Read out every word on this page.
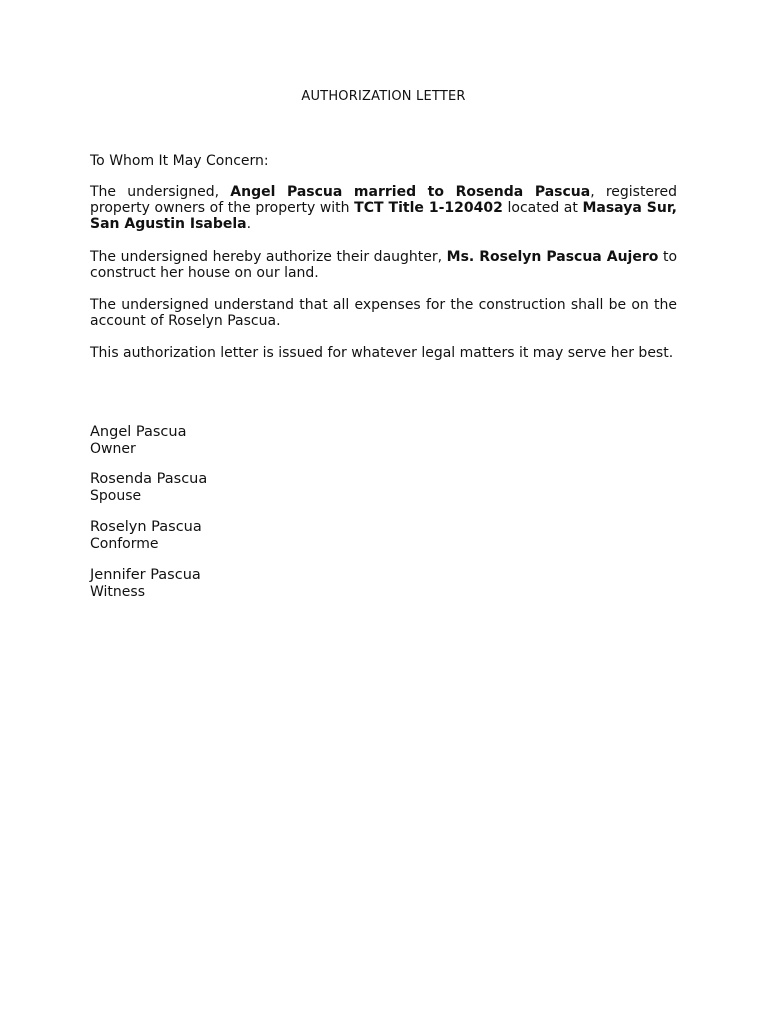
AUTHORIZATION LETTER
To Whom It May Concern:
The undersigned, Angel Pascua married to Rosenda Pascua, registered property owners of the property with TCT Title 1-120402 located at Masaya Sur, San Agustin Isabela.
The undersigned hereby authorize their daughter, Ms. Roselyn Pascua Aujero to construct her house on our land.
The undersigned understand that all expenses for the construction shall be on the account of Roselyn Pascua.
This authorization letter is issued for whatever legal matters it may serve her best.
Angel Pascua
Owner
Rosenda Pascua
Spouse
Roselyn Pascua
Conforme
Jennifer Pascua
Witness
